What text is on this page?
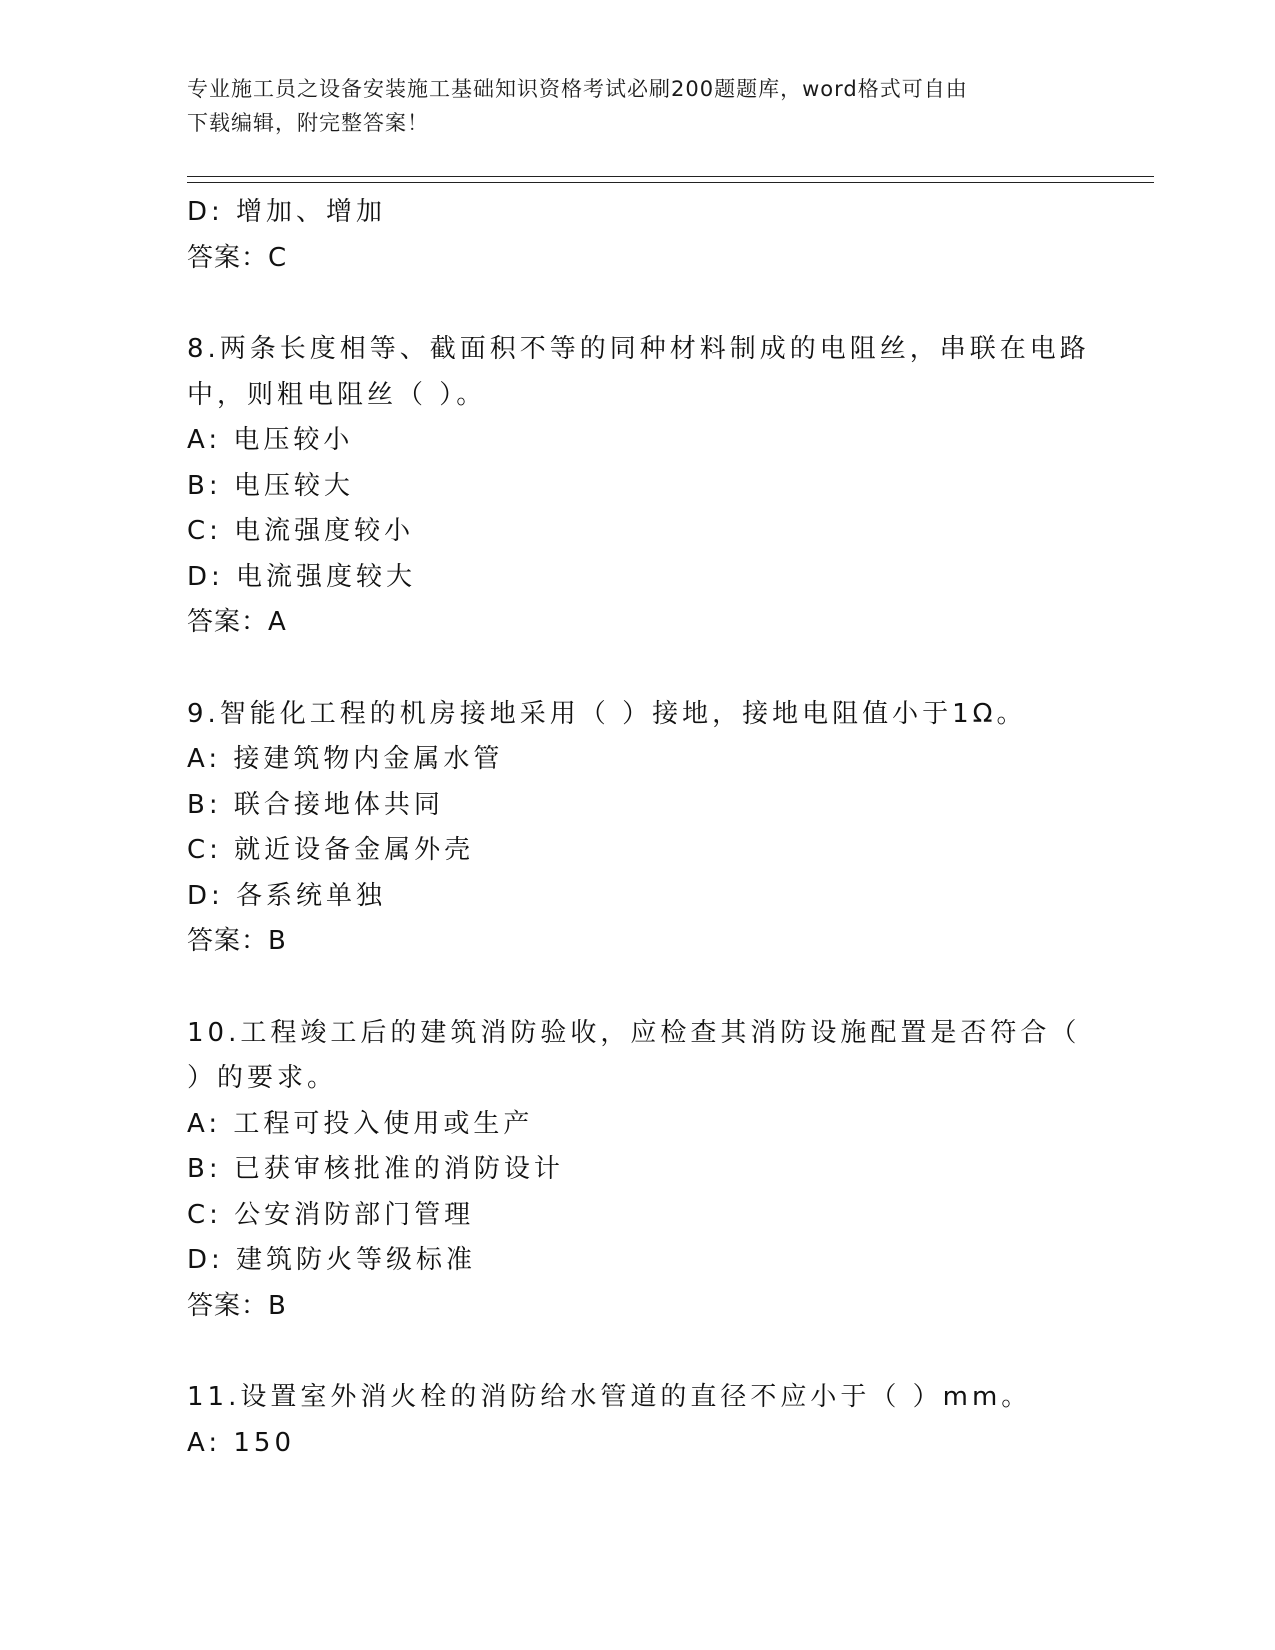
专业施工员之设备安装施工基础知识资格考试必刷200题题库，word格式可自由
下载编辑，附完整答案！
D: 增加、增加
答案：C
8.两条长度相等、截面积不等的同种材料制成的电阻丝，串联在电路
中，则粗电阻丝（ ）。
A: 电压较小
B: 电压较大
C: 电流强度较小
D: 电流强度较大
答案：A
9.智能化工程的机房接地采用（ ）接地，接地电阻值小于1Ω。
A: 接建筑物内金属水管
B: 联合接地体共同
C: 就近设备金属外壳
D: 各系统单独
答案：B
10.工程竣工后的建筑消防验收，应检查其消防设施配置是否符合（
）的要求。
A: 工程可投入使用或生产
B: 已获审核批准的消防设计
C: 公安消防部门管理
D: 建筑防火等级标准
答案：B
11.设置室外消火栓的消防给水管道的直径不应小于（ ）mm。
A: 150
